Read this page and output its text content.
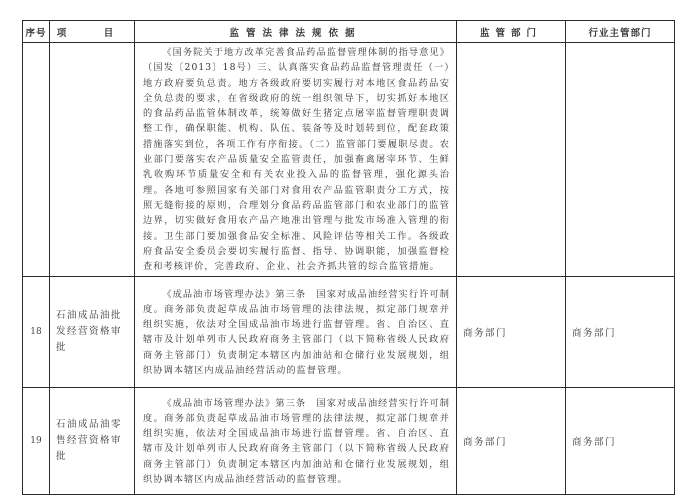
序号	项　目	监管法律法规依据	监管部门	行业主管部门

		《国务院关于地方改革完善食品药品监督管理体制的指导意见》（国发〔2013〕18号）三、认真落实食品药品监督管理责任（一）地方政府要负总责。地方各级政府要切实履行对本地区食品药品安全负总责的要求，在省级政府的统一组织领导下，切实抓好本地区的食品药品监管体制改革，统筹做好生猪定点屠宰监督管理职责调整工作，确保职能、机构、队伍、装备等及时划转到位，配套政策措施落实到位，各项工作有序衔接。（二）监管部门要履职尽责。农业部门要落实农产品质量安全监管责任，加强畜禽屠宰环节、生鲜乳收购环节质量安全和有关农业投入品的监督管理，强化源头治理。各地可参照国家有关部门对食用农产品监管职责分工方式，按照无缝衔接的原则，合理划分食品药品监管部门和农业部门的监管边界，切实做好食用农产品产地准出管理与批发市场准入管理的衔接。卫生部门要加强食品安全标准、风险评估等相关工作。各级政府食品安全委员会要切实履行监督、指导、协调职能，加强监督检查和考核评价，完善政府、企业、社会齐抓共管的综合监管措施。		

18	石油成品油批发经营资格审批	《成品油市场管理办法》第三条　国家对成品油经营实行许可制度。商务部负责起草成品油市场管理的法律法规，拟定部门规章并组织实施，依法对全国成品油市场进行监督管理。省、自治区、直辖市及计划单列市人民政府商务主管部门（以下简称省级人民政府商务主管部门）负责制定本辖区内加油站和仓储行业发展规划，组织协调本辖区内成品油经营活动的监督管理。	商务部门	商务部门
19	石油成品油零售经营资格审批	《成品油市场管理办法》第三条　国家对成品油经营实行许可制度。商务部负责起草成品油市场管理的法律法规，拟定部门规章并组织实施，依法对全国成品油市场进行监督管理。省、自治区、直辖市及计划单列市人民政府商务主管部门（以下简称省级人民政府商务主管部门）负责制定本辖区内加油站和仓储行业发展规划，组织协调本辖区内成品油经营活动的监督管理。	商务部门	商务部门
